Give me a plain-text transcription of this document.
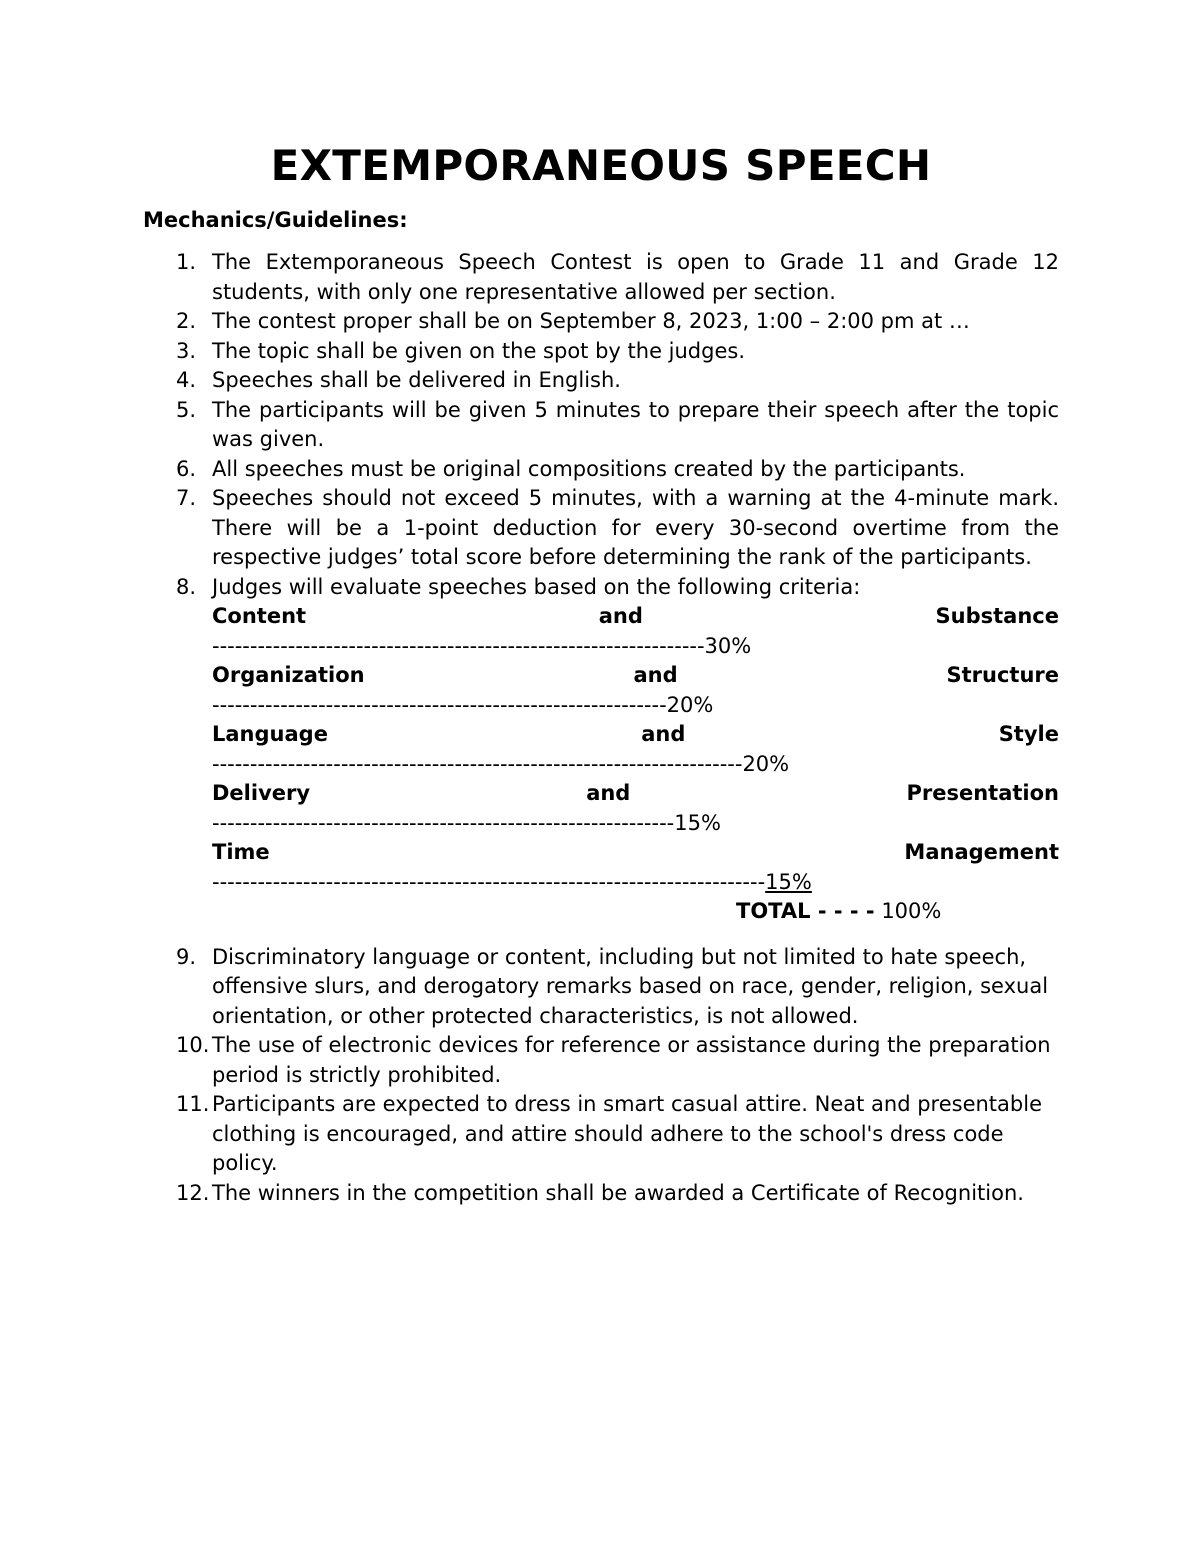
EXTEMPORANEOUS SPEECH
Mechanics/Guidelines:
1. The Extemporaneous Speech Contest is open to Grade 11 and Grade 12 students, with only one representative allowed per section.
2. The contest proper shall be on September 8, 2023, 1:00 – 2:00 pm at …
3. The topic shall be given on the spot by the judges.
4. Speeches shall be delivered in English.
5. The participants will be given 5 minutes to prepare their speech after the topic was given.
6. All speeches must be original compositions created by the participants.
7. Speeches should not exceed 5 minutes, with a warning at the 4-minute mark. There will be a 1-point deduction for every 30-second overtime from the respective judges’ total score before determining the rank of the participants.
8. Judges will evaluate speeches based on the following criteria:
Content	and	Substance
-----------------------------------------------------------------30%
Organization	and	Structure
------------------------------------------------------------20%
Language	and	Style
----------------------------------------------------------------------20%
Delivery	and	Presentation
-------------------------------------------------------------15%
Time	Management
-------------------------------------------------------------------------15%
TOTAL - - - - 100%
9. Discriminatory language or content, including but not limited to hate speech, offensive slurs, and derogatory remarks based on race, gender, religion, sexual orientation, or other protected characteristics, is not allowed.
10. The use of electronic devices for reference or assistance during the preparation period is strictly prohibited.
11. Participants are expected to dress in smart casual attire. Neat and presentable clothing is encouraged, and attire should adhere to the school's dress code policy.
12. The winners in the competition shall be awarded a Certificate of Recognition.
